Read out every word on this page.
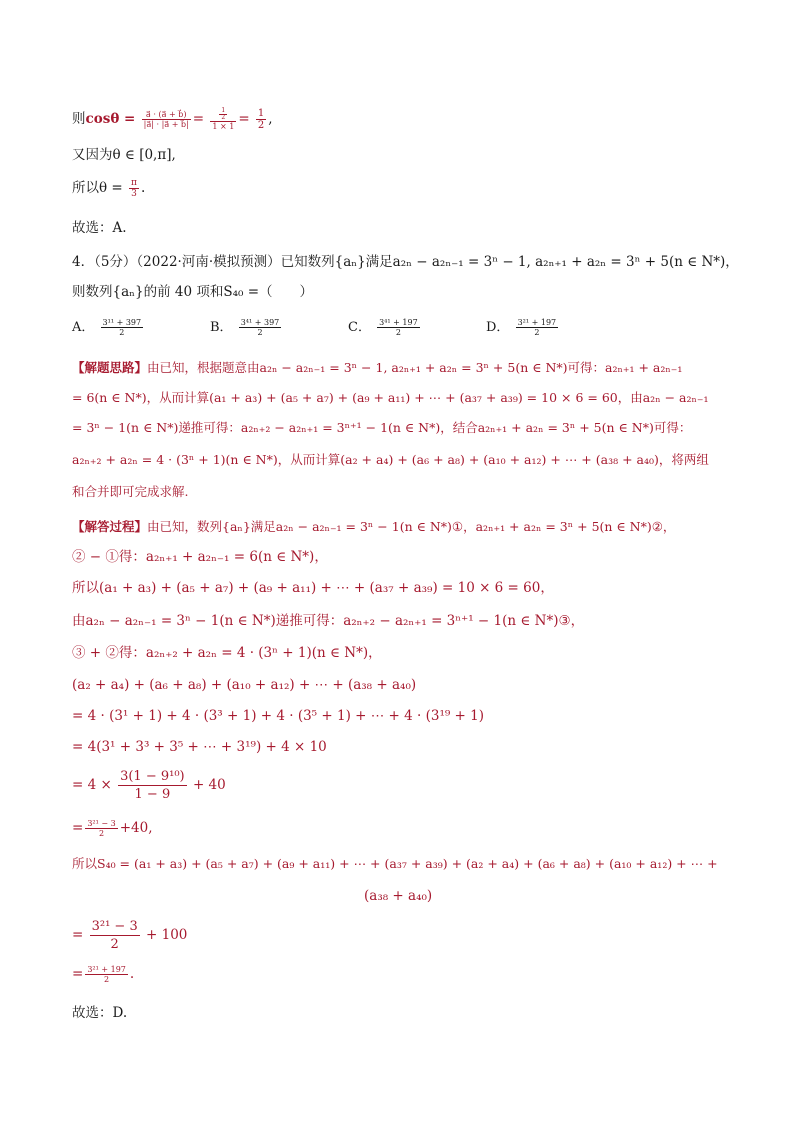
则$\cos\theta = \frac{a⃗ \cdot (a⃗ + b⃗)}{|a⃗| \cdot |a⃗ + b⃗|} = \frac{\frac{1}{2}}{1 \times 1} = \frac{1}{2}$ ,
又因为θ ∈ [0,π],
所以$\theta = \frac{\pi}{3}$ .
故选：A.
4．（5分）（2022·河南·模拟预测）已知数列{aₙ}满足a₂ₙ − a₂ₙ₋₁ = 3ⁿ − 1, a₂ₙ₊₁ + a₂ₙ = 3ⁿ + 5(n ∈ N*)，
则数列{aₙ}的前 40 项和S₄₀ =（　　）
A． $\frac{\text{3¹¹ + 397}}{2}$	B． $\frac{\text{3⁴¹ + 397}}{2}$	C． $\frac{\text{3⁴¹ + 197}}{2}$	D． $\frac{\text{3²¹ + 197}}{2}$
【解题思路】由已知，根据题意由a₂ₙ − a₂ₙ₋₁ = 3ⁿ − 1, a₂ₙ₊₁ + a₂ₙ = 3ⁿ + 5(n ∈ N*)可得：a₂ₙ₊₁ + a₂ₙ₋₁
= 6(n ∈ N*)，从而计算(a₁ + a₃) + (a₅ + a₇) + (a₉ + a₁₁) + ⋯ + (a₃₇ + a₃₉) = 10 × 6 = 60，由a₂ₙ − a₂ₙ₋₁
= 3ⁿ − 1(n ∈ N*)递推可得：a₂ₙ₊₂ − a₂ₙ₊₁ = 3ⁿ⁺¹ − 1(n ∈ N*)，结合a₂ₙ₊₁ + a₂ₙ = 3ⁿ + 5(n ∈ N*)可得：
a₂ₙ₊₂ + a₂ₙ = 4 · (3ⁿ + 1)(n ∈ N*)，从而计算(a₂ + a₄) + (a₆ + a₈) + (a₁₀ + a₁₂) + ⋯ + (a₃₈ + a₄₀)，将两组
和合并即可完成求解.
【解答过程】由已知，数列{aₙ}满足a₂ₙ − a₂ₙ₋₁ = 3ⁿ − 1(n ∈ N*)①，a₂ₙ₊₁ + a₂ₙ = 3ⁿ + 5(n ∈ N*)②，
② − ①得：a₂ₙ₊₁ + a₂ₙ₋₁ = 6(n ∈ N*)，
所以(a₁ + a₃) + (a₅ + a₇) + (a₉ + a₁₁) + ⋯ + (a₃₇ + a₃₉) = 10 × 6 = 60，
由a₂ₙ − a₂ₙ₋₁ = 3ⁿ − 1(n ∈ N*)递推可得：a₂ₙ₊₂ − a₂ₙ₊₁ = 3ⁿ⁺¹ − 1(n ∈ N*)③，
③ + ②得：a₂ₙ₊₂ + a₂ₙ = 4 · (3ⁿ + 1)(n ∈ N*)，
(a₂ + a₄) + (a₆ + a₈) + (a₁₀ + a₁₂) + ⋯ + (a₃₈ + a₄₀)
= 4 · (3¹ + 1) + 4 · (3³ + 1) + 4 · (3⁵ + 1) + ⋯ + 4 · (3¹⁹ + 1)
= 4(3¹ + 3³ + 3⁵ + ⋯ + 3¹⁹) + 4 × 10
= $4 \times \frac{\text{3(1 − 9¹⁰)}}{1 - 9} + 40$
= $\frac{\text{3²¹ − 3}}{2} +40$,
所以S₄₀ = (a₁ + a₃) + (a₅ + a₇) + (a₉ + a₁₁) + ⋯ + (a₃₇ + a₃₉) + (a₂ + a₄) + (a₆ + a₈) + (a₁₀ + a₁₂) + ⋯ +
(a₃₈ + a₄₀)
= $\frac{\text{3²¹ − 3}}{2} + 100$
= $\frac{\text{3²¹ + 197}}{2}$ .
故选：D.
